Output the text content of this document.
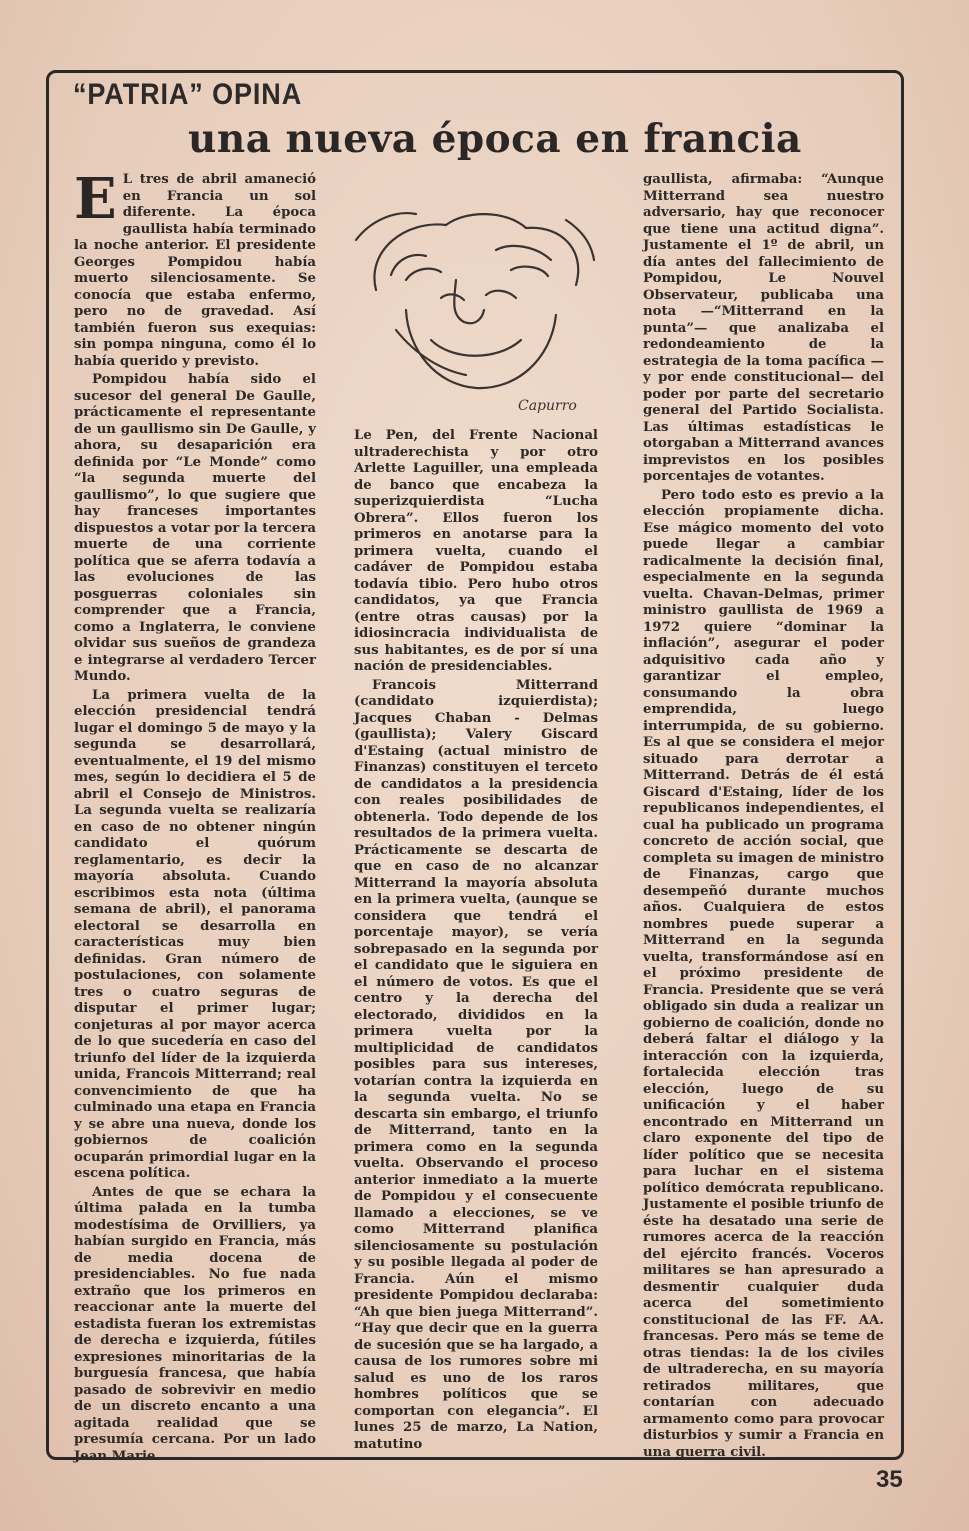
“PATRIA” OPINA
una nueva época en francia
E L tres de abril amaneció en Francia un sol diferente. La época gaullista había terminado la noche anterior. El presidente Georges Pompidou había muerto silenciosamente. Se conocía que estaba enfermo, pero no de gravedad. Así también fueron sus exequias: sin pompa ninguna, como él lo había querido y previsto.

Pompidou había sido el sucesor del general De Gaulle, prácticamente el representante de un gaullismo sin De Gaulle, y ahora, su desaparición era definida por “Le Monde” como “la segunda muerte del gaullismo”, lo que sugiere que hay franceses importantes dispuestos a votar por la tercera muerte de una corriente política que se aferra todavía a las evoluciones de las posguerras coloniales sin comprender que a Francia, como a Inglaterra, le conviene olvidar sus sueños de grandeza e integrarse al verdadero Tercer Mundo.

La primera vuelta de la elección presidencial tendrá lugar el domingo 5 de mayo y la segunda se desarrollará, eventualmente, el 19 del mismo mes, según lo decidiera el 5 de abril el Consejo de Ministros. La segunda vuelta se realizaría en caso de no obtener ningún candidato el quórum reglamentario, es decir la mayoría absoluta. Cuando escribimos esta nota (última semana de abril), el panorama electoral se desarrolla en características muy bien definidas. Gran número de postulaciones, con solamente tres o cuatro seguras de disputar el primer lugar; conjeturas al por mayor acerca de lo que sucedería en caso del triunfo del líder de la izquierda unida, Francois Mitterrand; real convencimiento de que ha culminado una etapa en Francia y se abre una nueva, donde los gobiernos de coalición ocuparán primordial lugar en la escena política.

Antes de que se echara la última palada en la tumba modestísima de Orvilliers, ya habían surgido en Francia, más de media docena de presidenciables. No fue nada extraño que los primeros en reaccionar ante la muerte del estadista fueran los extremistas de derecha e izquierda, fútiles expresiones minoritarias de la burguesía francesa, que había pasado de sobrevivir en medio de un discreto encanto a una agitada realidad que se presumía cercana. Por un lado Jean Marie

Capurro

Le Pen, del Frente Nacional ultraderechista y por otro Arlette Laguiller, una empleada de banco que encabeza la superizquierdista “Lucha Obrera”. Ellos fueron los primeros en anotarse para la primera vuelta, cuando el cadáver de Pompidou estaba todavía tibio. Pero hubo otros candidatos, ya que Francia (entre otras causas) por la idiosincracia individualista de sus habitantes, es de por sí una nación de presidenciables.

Francois Mitterrand (candidato izquierdista); Jacques Chaban - Delmas (gaullista); Valery Giscard d'Estaing (actual ministro de Finanzas) constituyen el terceto de candidatos a la presidencia con reales posibilidades de obtenerla. Todo depende de los resultados de la primera vuelta. Prácticamente se descarta de que en caso de no alcanzar Mitterrand la mayoría absoluta en la primera vuelta, (aunque se considera que tendrá el porcentaje mayor), se vería sobrepasado en la segunda por el candidato que le siguiera en el número de votos. Es que el centro y la derecha del electorado, divididos en la primera vuelta por la multiplicidad de candidatos posibles para sus intereses, votarían contra la izquierda en la segunda vuelta. No se descarta sin embargo, el triunfo de Mitterrand, tanto en la primera como en la segunda vuelta. Observando el proceso anterior inmediato a la muerte de Pompidou y el consecuente llamado a elecciones, se ve como Mitterrand planifica silenciosamente su postulación y su posible llegada al poder de Francia. Aún el mismo presidente Pompidou declaraba: “Ah que bien juega Mitterrand”. “Hay que decir que en la guerra de sucesión que se ha largado, a causa de los rumores sobre mi salud es uno de los raros hombres políticos que se comportan con elegancia”. El lunes 25 de marzo, La Nation, matutino

gaullista, afirmaba: “Aunque Mitterrand sea nuestro adversario, hay que reconocer que tiene una actitud digna”. Justamente el 1º de abril, un día antes del fallecimiento de Pompidou, Le Nouvel Observateur, publicaba una nota —“Mitterrand en la punta”— que analizaba el redondeamiento de la estrategia de la toma pacífica —y por ende constitucional— del poder por parte del secretario general del Partido Socialista. Las últimas estadísticas le otorgaban a Mitterrand avances imprevistos en los posibles porcentajes de votantes.

Pero todo esto es previo a la elección propiamente dicha. Ese mágico momento del voto puede llegar a cambiar radicalmente la decisión final, especialmente en la segunda vuelta. Chavan-Delmas, primer ministro gaullista de 1969 a 1972 quiere “dominar la inflación”, asegurar el poder adquisitivo cada año y garantizar el empleo, consumando la obra emprendida, luego interrumpida, de su gobierno. Es al que se considera el mejor situado para derrotar a Mitterrand. Detrás de él está Giscard d'Estaing, líder de los republicanos independientes, el cual ha publicado un programa concreto de acción social, que completa su imagen de ministro de Finanzas, cargo que desempeñó durante muchos años. Cualquiera de estos nombres puede superar a Mitterrand en la segunda vuelta, transformándose así en el próximo presidente de Francia. Presidente que se verá obligado sin duda a realizar un gobierno de coalición, donde no deberá faltar el diálogo y la interacción con la izquierda, fortalecida elección tras elección, luego de su unificación y el haber encontrado en Mitterrand un claro exponente del tipo de líder político que se necesita para luchar en el sistema político demócrata republicano. Justamente el posible triunfo de éste ha desatado una serie de rumores acerca de la reacción del ejército francés. Voceros militares se han apresurado a desmentir cualquier duda acerca del sometimiento constitucional de las FF. AA. francesas. Pero más se teme de otras tiendas: la de los civiles de ultraderecha, en su mayoría retirados militares, que contarían con adecuado armamento como para provocar disturbios y sumir a Francia en una guerra civil.

35
